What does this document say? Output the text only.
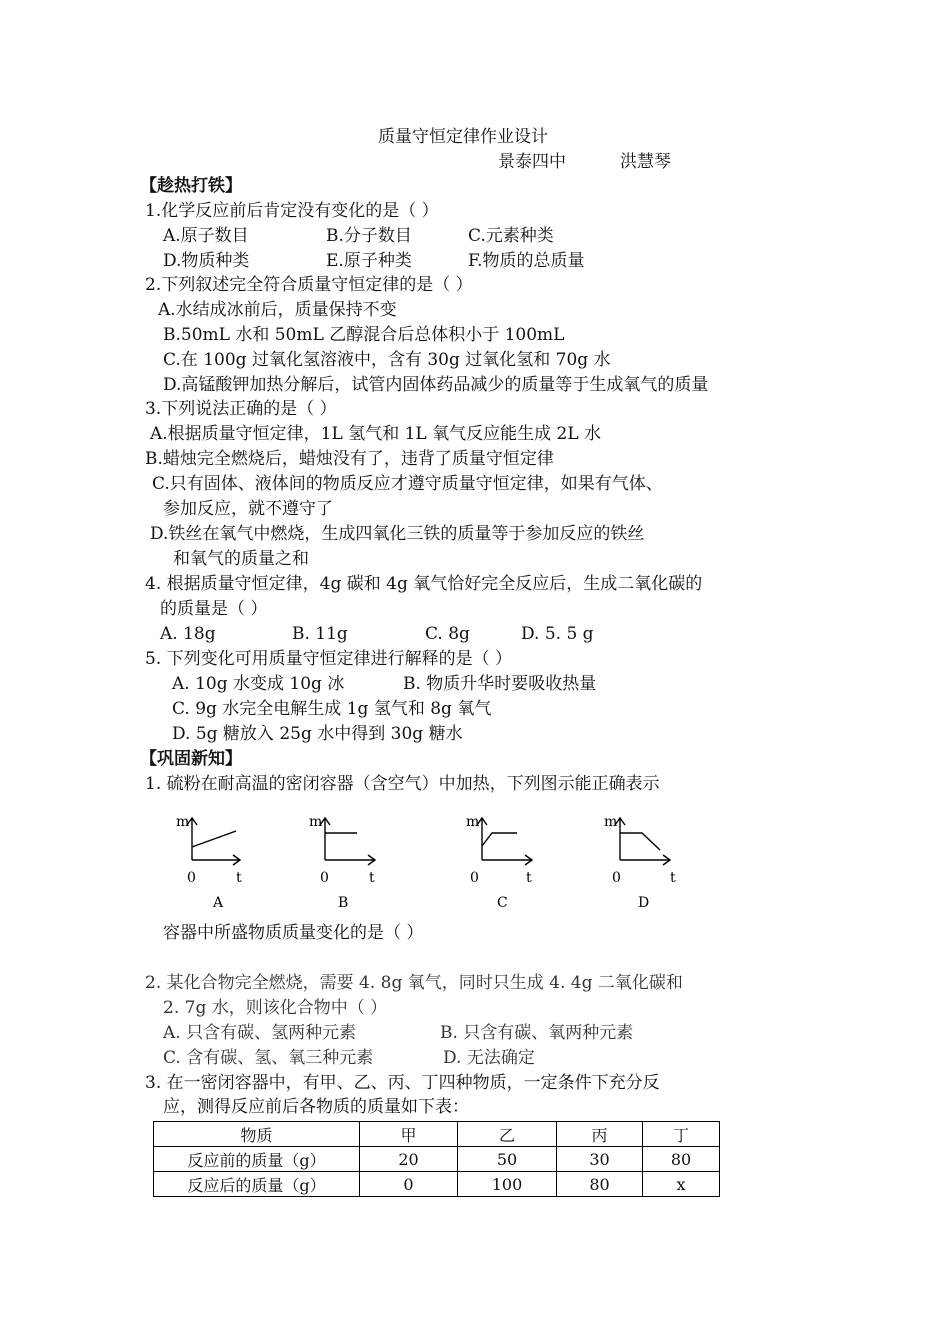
质量守恒定律作业设计
景泰四中	洪慧琴
【趁热打铁】
1.化学反应前后肯定没有变化的是（ ）
A.原子数目	B.分子数目	C.元素种类
D.物质种类	E.原子种类	F.物质的总质量
2.下列叙述完全符合质量守恒定律的是（ ）
A.水结成冰前后，质量保持不变
B.50mL 水和 50mL 乙醇混合后总体积小于 100mL
C.在 100g 过氧化氢溶液中，含有 30g 过氧化氢和 70g 水
D.高锰酸钾加热分解后，试管内固体药品减少的质量等于生成氧气的质量
3.下列说法正确的是（ ）
A.根据质量守恒定律，1L 氢气和 1L 氧气反应能生成 2L 水
B.蜡烛完全燃烧后，蜡烛没有了，违背了质量守恒定律
C.只有固体、液体间的物质反应才遵守质量守恒定律，如果有气体、
参加反应，就不遵守了
D.铁丝在氧气中燃烧，生成四氧化三铁的质量等于参加反应的铁丝
和氧气的质量之和
4. 根据质量守恒定律，4g 碳和 4g 氧气恰好完全反应后，生成二氧化碳的
的质量是（ ）
A. 18g	B. 11g	C. 8g	D. 5. 5 g
5. 下列变化可用质量守恒定律进行解释的是（ ）
A. 10g 水变成 10g 冰	B. 物质升华时要吸收热量
C. 9g 水完全电解生成 1g 氢气和 8g 氧气
D. 5g 糖放入 25g 水中得到 30g 糖水
【巩固新知】
1. 硫粉在耐高温的密闭容器（含空气）中加热，下列图示能正确表示
m
0	t
A
m
0	t
B
m
0	t
C
m
0	t
D
容器中所盛物质质量变化的是（ ）
2. 某化合物完全燃烧，需要 4. 8g 氧气，同时只生成 4. 4g 二氧化碳和
2. 7g 水，则该化合物中（ ）
A. 只含有碳、氢两种元素	B. 只含有碳、氧两种元素
C. 含有碳、氢、氧三种元素	D. 无法确定
3. 在一密闭容器中，有甲、乙、丙、丁四种物质，一定条件下充分反
应，测得反应前后各物质的质量如下表：
物质	甲	乙	丙	丁
反应前的质量（g）	20	50	30	80
反应后的质量（g）	0	100	80	x
